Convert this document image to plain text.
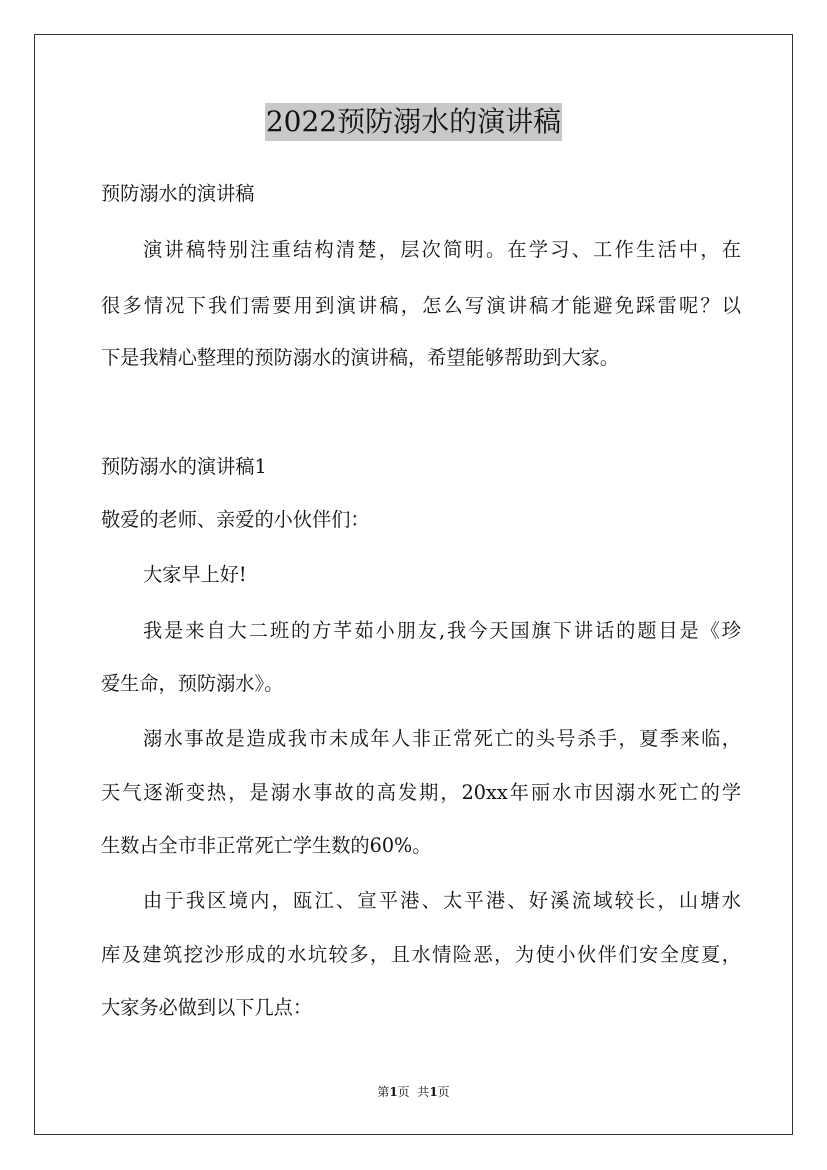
2022预防溺水的演讲稿
预防溺水的演讲稿
演讲稿特别注重结构清楚，层次简明。在学习、工作生活中，在
很多情况下我们需要用到演讲稿，怎么写演讲稿才能避免踩雷呢？以
下是我精心整理的预防溺水的演讲稿，希望能够帮助到大家。
预防溺水的演讲稿1
敬爱的老师、亲爱的小伙伴们：
大家早上好!
我是来自大二班的方芊茹小朋友,我今天国旗下讲话的题目是《珍
爱生命，预防溺水》。
溺水事故是造成我市未成年人非正常死亡的头号杀手，夏季来临，
天气逐渐变热，是溺水事故的高发期，20xx年丽水市因溺水死亡的学
生数占全市非正常死亡学生数的60%。
由于我区境内，瓯江、宣平港、太平港、好溪流域较长，山塘水
库及建筑挖沙形成的水坑较多，且水情险恶，为使小伙伴们安全度夏，
大家务必做到以下几点：
第1页  共1页
